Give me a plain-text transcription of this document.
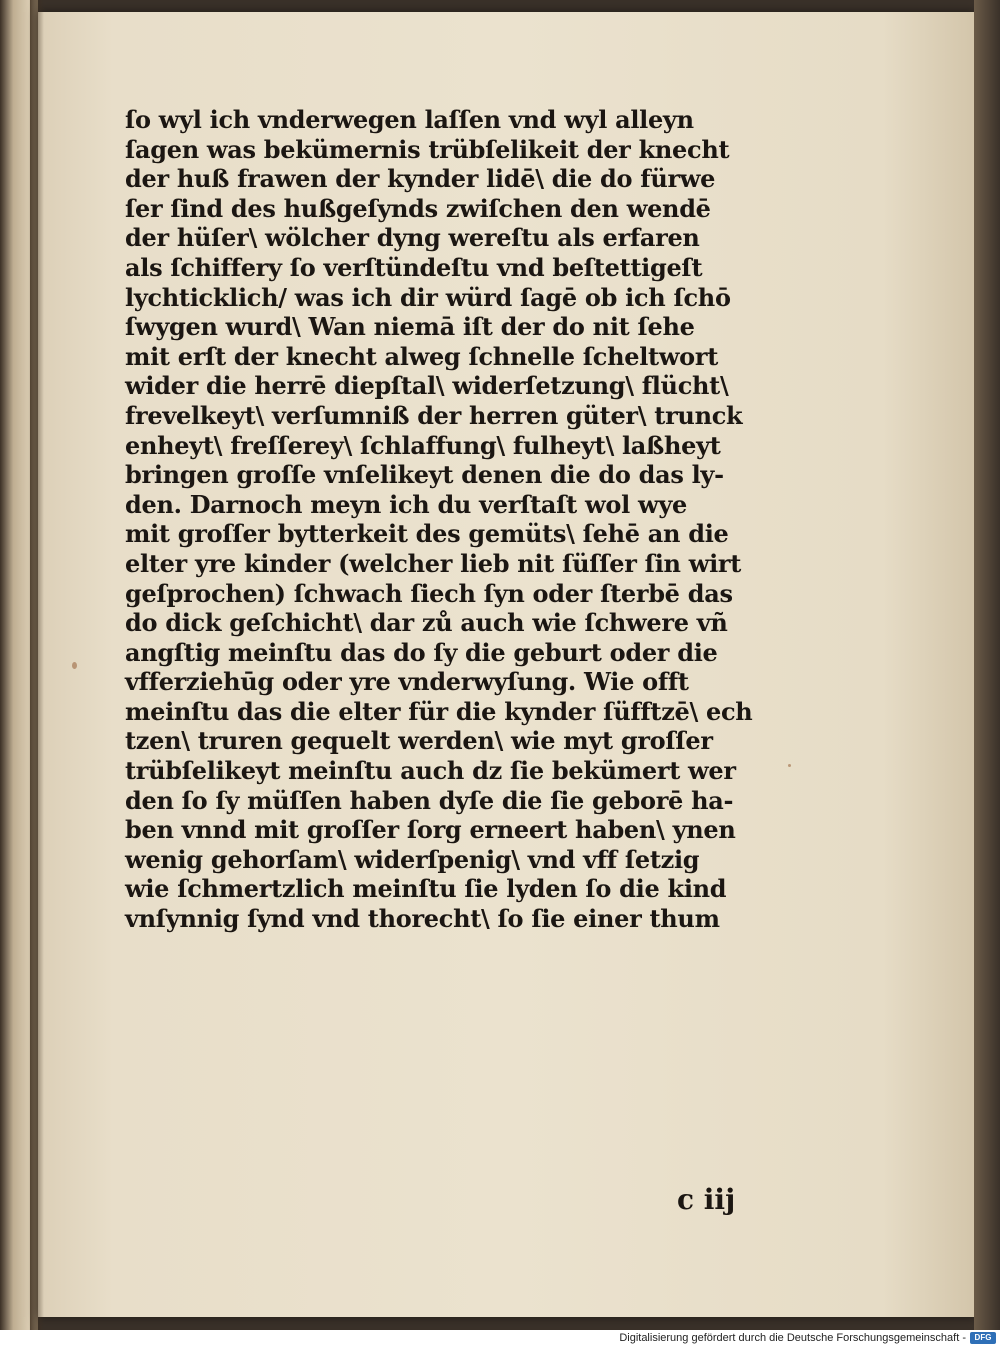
ſo wyl ich vnderwegen laſſen vnd wyl alleyn
ſagen was bekümernis trübſelikeit der knecht
der huß frawen der kynder lidē\ die do fürwe
ſer ſind des hußgeſynds zwiſchen den wendē
der hüſer\ wölcher dyng wereſtu als erfaren
als ſchiffery ſo verſtündeſtu vnd beſtettigeſt
lychticklich/ was ich dir würd ſagē ob ich ſchō
ſwygen wurd\ Wan niemā iſt der do nit ſehe
mit erſt der knecht alweg ſchnelle ſcheltwort
wider die herrē diepſtal\ widerſetzung\ flücht\
frevelkeyt\ verſumniß der herren güter\ trunck
enheyt\ freſſerey\ ſchlaffung\ fulheyt\ laßheyt
bringen groſſe vnſelikeyt denen die do das ly-
den. Darnoch meyn ich du verſtaſt wol wye
mit groſſer bytterkeit des gemüts\ ſehē an die
elter yre kinder (welcher lieb nit ſüſſer ſin wirt
geſprochen) ſchwach ſiech ſyn oder ſterbē das
do dick geſchicht\ dar zů auch wie ſchwere vñ
angſtig meinſtu das do ſy die geburt oder die
vfferziehūg oder yre vnderwyſung. Wie offt
meinſtu das die elter für die kynder ſüfftzē\ ech
tzen\ truren gequelt werden\ wie myt groſſer
trübſelikeyt meinſtu auch dz ſie bekümert wer
den ſo ſy müſſen haben dyſe die ſie geborē ha-
ben vnnd mit groſſer ſorg erneert haben\ ynen
wenig gehorſam\ widerſpenig\ vnd vff ſetzig
wie ſchmertzlich meinſtu ſie lyden ſo die kind
vnſynnig ſynd vnd thorecht\ ſo ſie einer thum
c iij
Digitalisierung gefördert durch die Deutsche Forschungsgemeinschaft -	DFG
